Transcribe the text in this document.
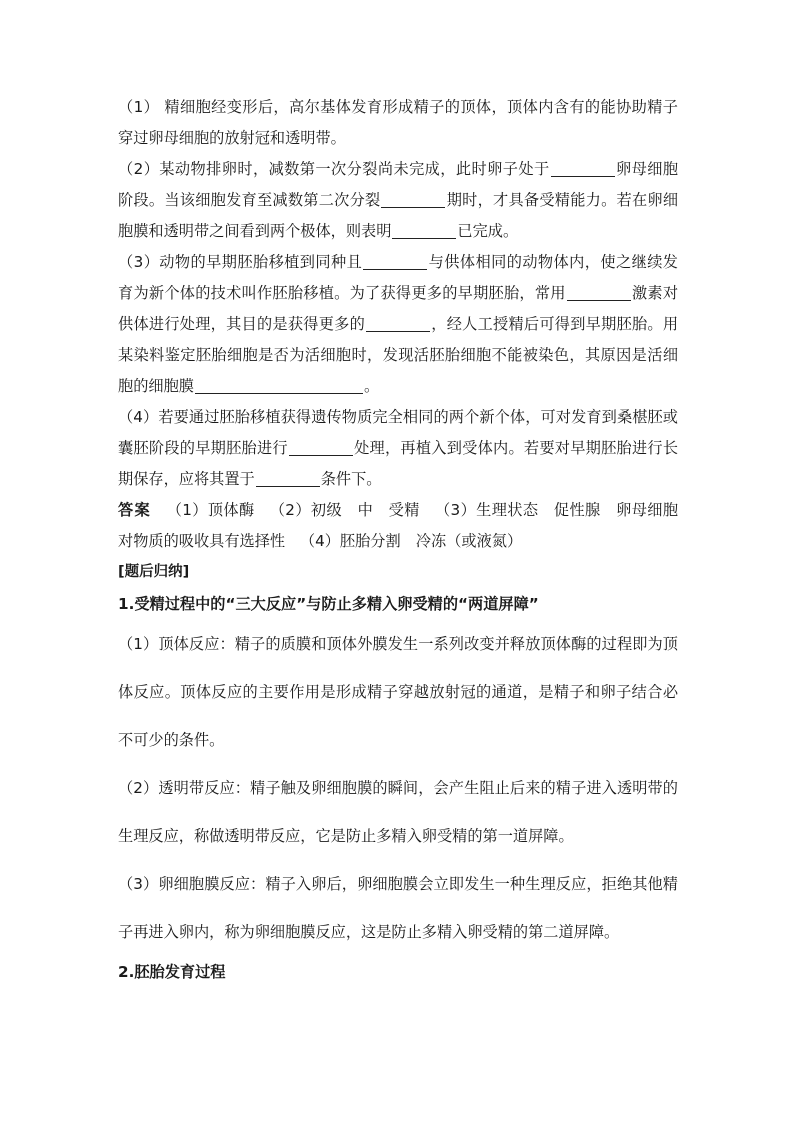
（1） 精细胞经变形后，高尔基体发育形成精子的顶体，顶体内含有的能协助精子穿过卵母细胞的放射冠和透明带。

（2）某动物排卵时，减数第一次分裂尚未完成，此时卵子处于	卵母细胞阶段。当该细胞发育至减数第二次分裂	期时，才具备受精能力。若在卵细胞膜和透明带之间看到两个极体，则表明	已完成。

（3）动物的早期胚胎移植到同种且	与供体相同的动物体内，使之继续发育为新个体的技术叫作胚胎移植。为了获得更多的早期胚胎，常用	激素对供体进行处理，其目的是获得更多的	，经人工授精后可得到早期胚胎。用某染料鉴定胚胎细胞是否为活细胞时，发现活胚胎细胞不能被染色，其原因是活细胞的细胞膜	。

（4）若要通过胚胎移植获得遗传物质完全相同的两个新个体，可对发育到桑椹胚或囊胚阶段的早期胚胎进行	处理，再植入到受体内。若要对早期胚胎进行长期保存，应将其置于	条件下。

答案 （1）顶体酶 （2）初级　中　受精 （3）生理状态　促性腺　卵母细胞　对物质的吸收具有选择性 （4）胚胎分割　冷冻（或液氮）

[题后归纳]

1.受精过程中的“三大反应”与防止多精入卵受精的“两道屏障”

（1）顶体反应：精子的质膜和顶体外膜发生一系列改变并释放顶体酶的过程即为顶体反应。顶体反应的主要作用是形成精子穿越放射冠的通道，是精子和卵子结合必不可少的条件。

（2）透明带反应：精子触及卵细胞膜的瞬间，会产生阻止后来的精子进入透明带的生理反应，称做透明带反应，它是防止多精入卵受精的第一道屏障。

（3）卵细胞膜反应：精子入卵后，卵细胞膜会立即发生一种生理反应，拒绝其他精子再进入卵内，称为卵细胞膜反应，这是防止多精入卵受精的第二道屏障。

2.胚胎发育过程
